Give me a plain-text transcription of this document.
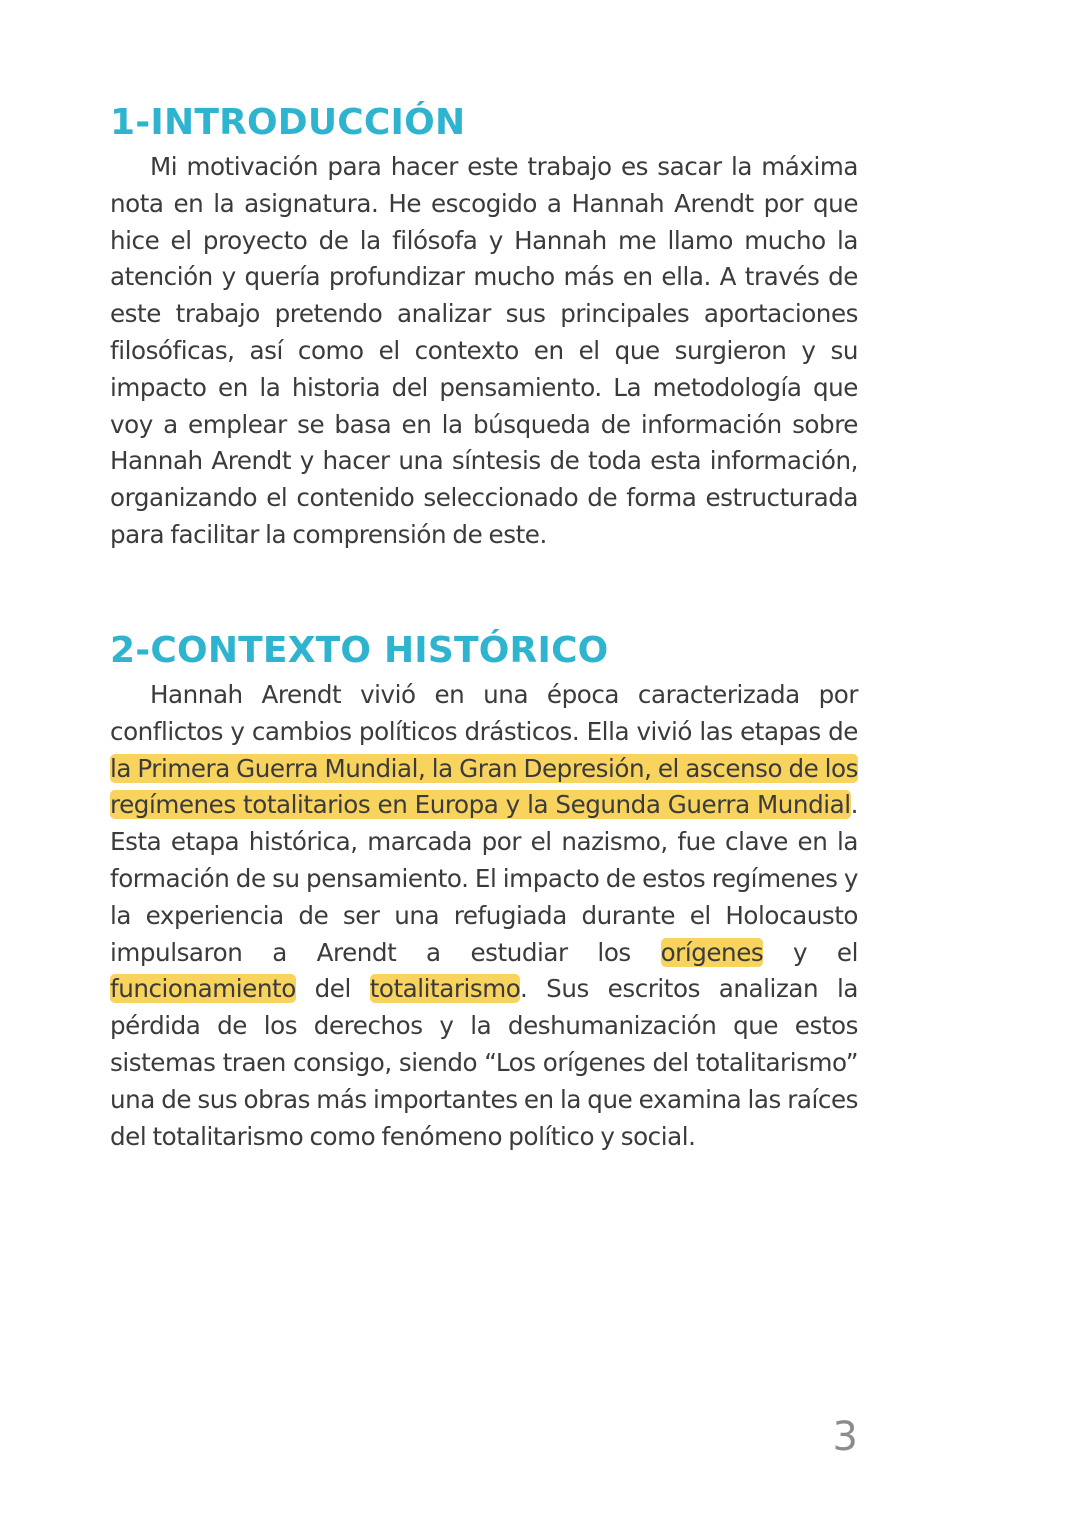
1-INTRODUCCIÓN

Mi motivación para hacer este trabajo es sacar la máxima nota en la asignatura. He escogido a Hannah Arendt por que hice el proyecto de la filósofa y Hannah me llamo mucho la atención y quería profundizar mucho más en ella. A través de este trabajo pretendo analizar sus principales aportaciones filosóficas, así como el contexto en el que surgieron y su impacto en la historia del pensamiento. La metodología que voy a emplear se basa en la búsqueda de información sobre Hannah Arendt y hacer una síntesis de toda esta información, organizando el contenido seleccionado de forma estructurada para facilitar la comprensión de este.

2-CONTEXTO HISTÓRICO

Hannah Arendt vivió en una época caracterizada por conflictos y cambios políticos drásticos. Ella vivió las etapas de la Primera Guerra Mundial, la Gran Depresión, el ascenso de los regímenes totalitarios en Europa y la Segunda Guerra Mundial. Esta etapa histórica, marcada por el nazismo, fue clave en la formación de su pensamiento. El impacto de estos regímenes y la experiencia de ser una refugiada durante el Holocausto impulsaron a Arendt a estudiar los orígenes y el funcionamiento del totalitarismo. Sus escritos analizan la pérdida de los derechos y la deshumanización que estos sistemas traen consigo, siendo “Los orígenes del totalitarismo” una de sus obras más importantes en la que examina las raíces del totalitarismo como fenómeno político y social.

3
